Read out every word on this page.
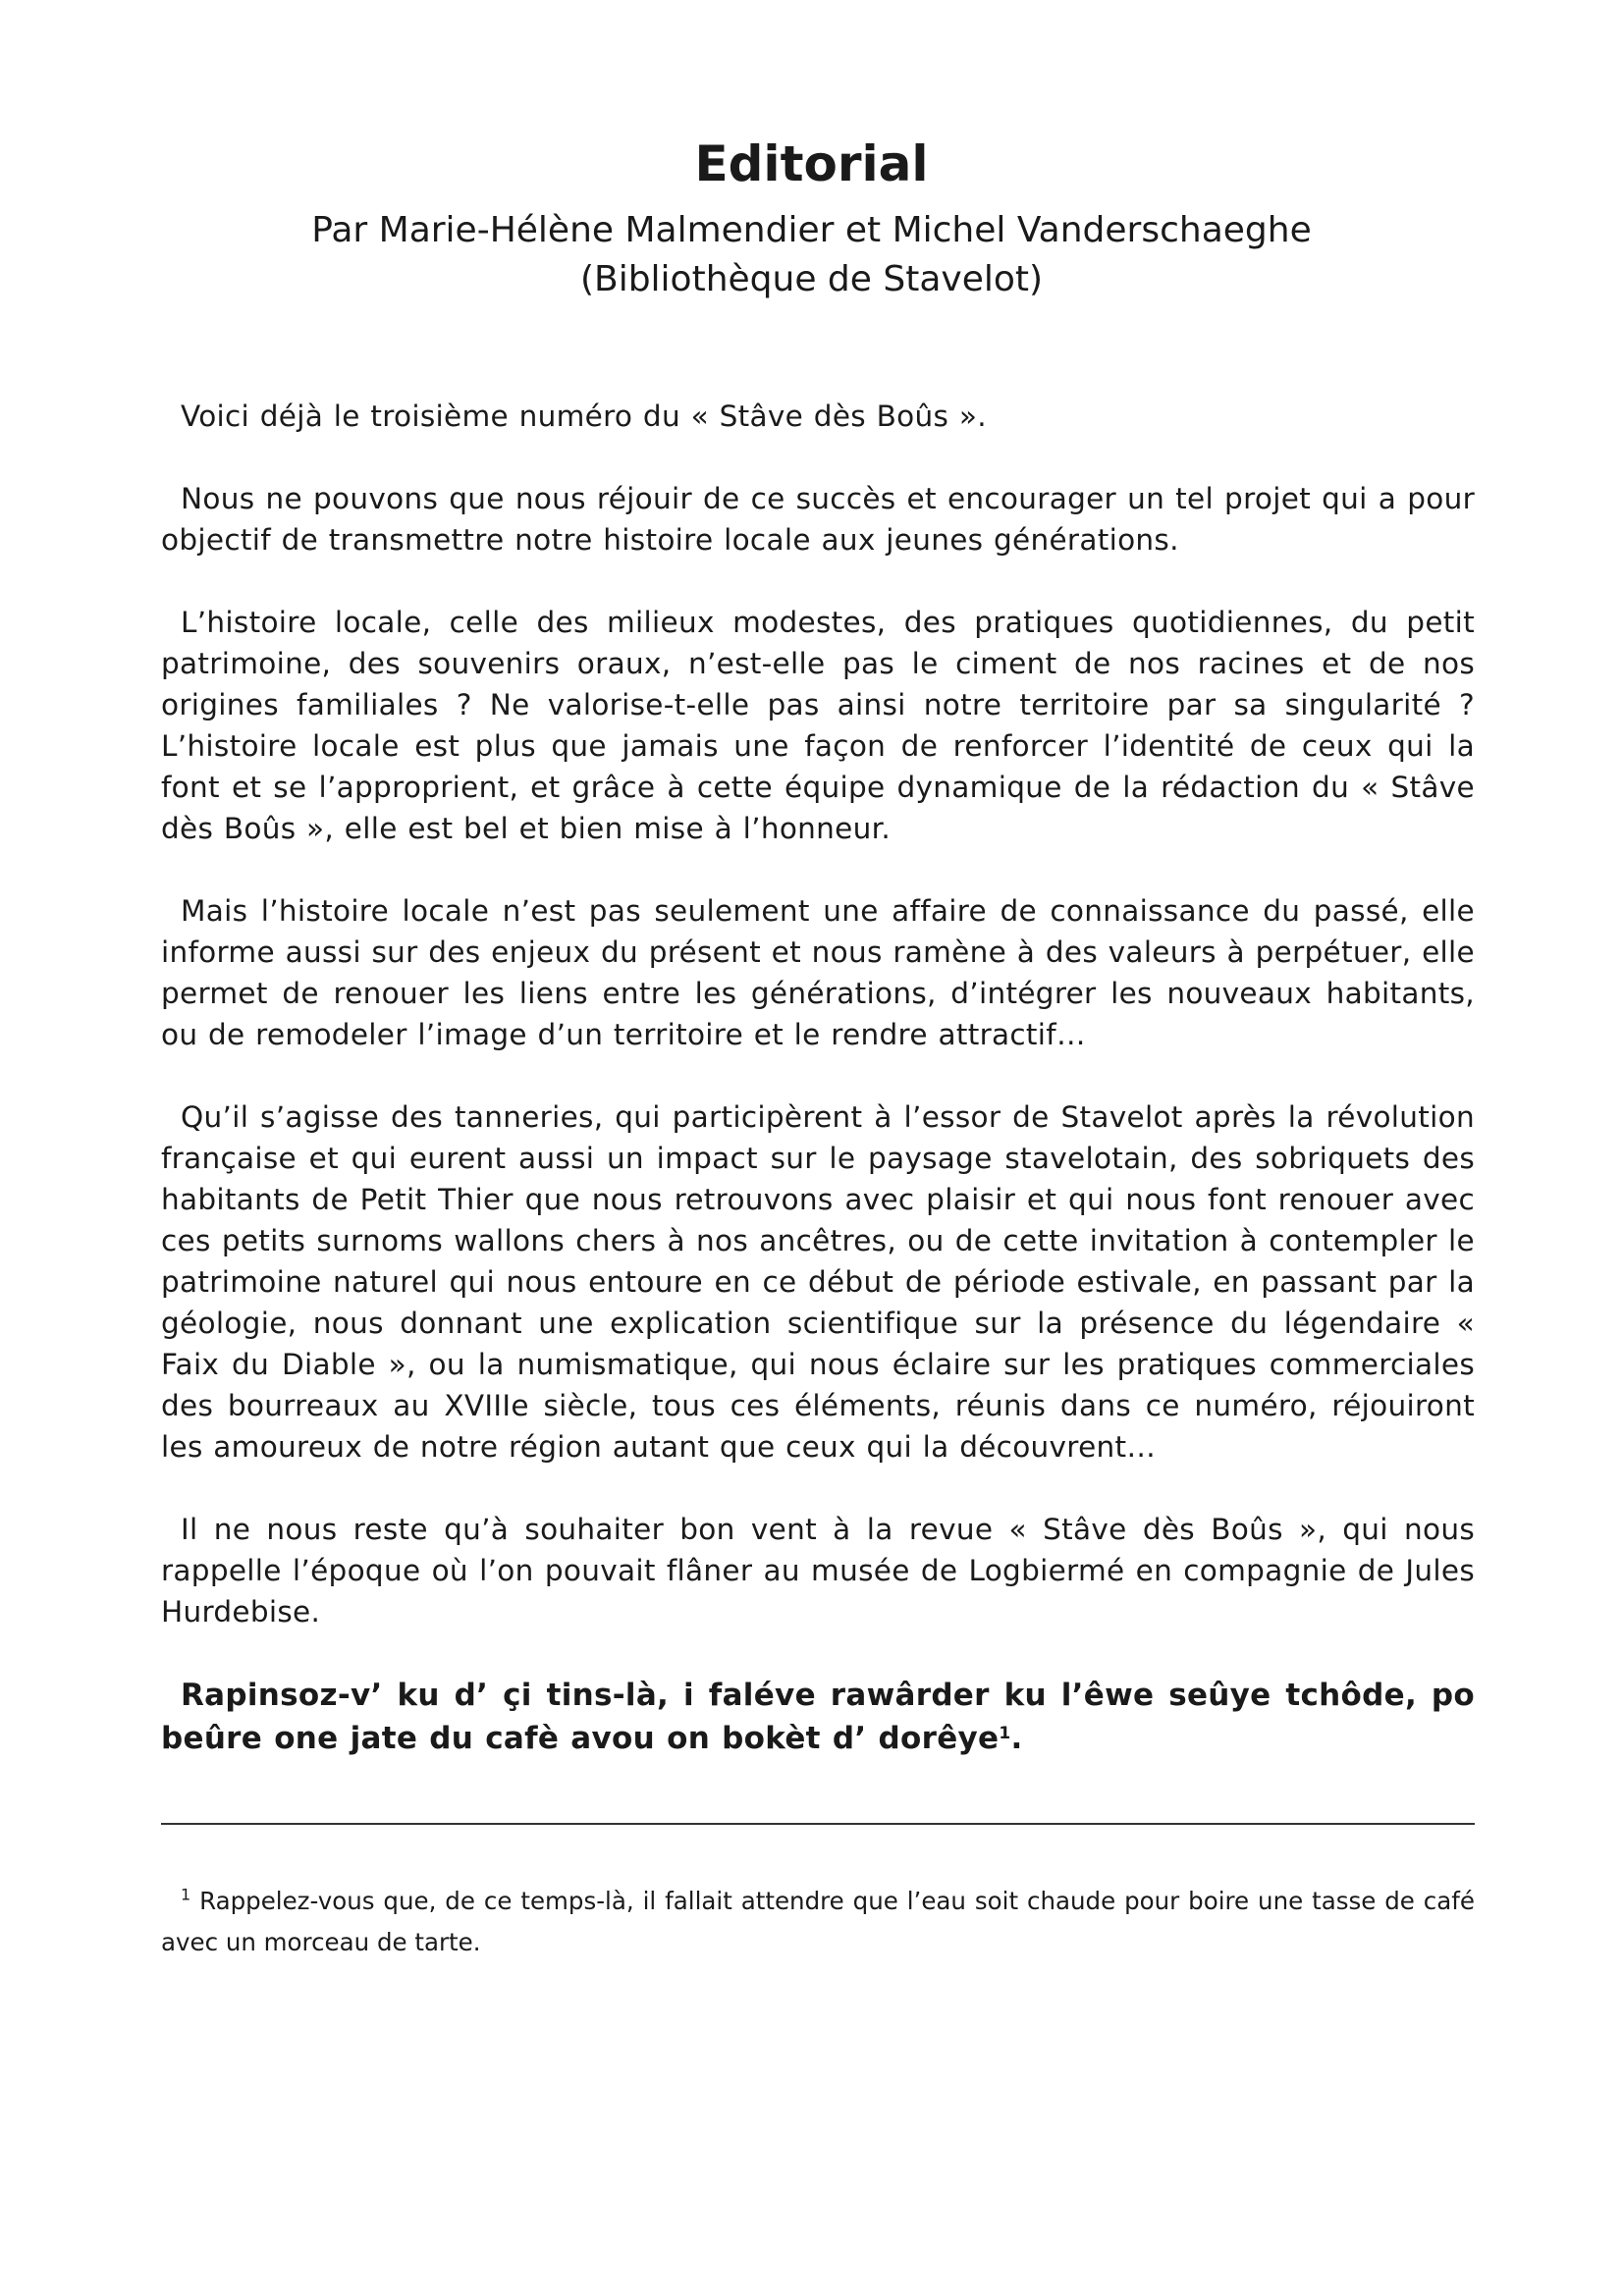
Editorial
Par Marie-Hélène Malmendier et Michel Vanderschaeghe
(Bibliothèque de Stavelot)

Voici déjà le troisième numéro du « Stâve dès Boûs ».

Nous ne pouvons que nous réjouir de ce succès et encourager un tel projet qui a pour objectif de transmettre notre histoire locale aux jeunes générations.

L’histoire locale, celle des milieux modestes, des pratiques quotidiennes, du petit patrimoine, des souvenirs oraux, n’est-elle pas le ciment de nos racines et de nos origines familiales ? Ne valorise-t-elle pas ainsi notre territoire par sa singularité ? L’histoire locale est plus que jamais une façon de renforcer l’identité de ceux qui la font et se l’approprient, et grâce à cette équipe dynamique de la rédaction du « Stâve dès Boûs », elle est bel et bien mise à l’honneur.

Mais l’histoire locale n’est pas seulement une affaire de connaissance du passé, elle informe aussi sur des enjeux du présent et nous ramène à des valeurs à perpétuer, elle permet de renouer les liens entre les générations, d’intégrer les nouveaux habitants, ou de remodeler l’image d’un territoire et le rendre attractif…

Qu’il s’agisse des tanneries, qui participèrent à l’essor de Stavelot après la révolution française et qui eurent aussi un impact sur le paysage stavelotain, des sobriquets des habitants de Petit Thier que nous retrouvons avec plaisir et qui nous font renouer avec ces petits surnoms wallons chers à nos ancêtres, ou de cette invitation à contempler le patrimoine naturel qui nous entoure en ce début de période estivale, en passant par la géologie, nous donnant une explication scientifique sur la présence du légendaire « Faix du Diable », ou la numismatique, qui nous éclaire sur les pratiques commerciales des bourreaux au XVIIIe siècle, tous ces éléments, réunis dans ce numéro, réjouiront les amoureux de notre région autant que ceux qui la découvrent…

Il ne nous reste qu’à souhaiter bon vent à la revue « Stâve dès Boûs », qui nous rappelle l’époque où l’on pouvait flâner au musée de Logbiermé en compagnie de Jules Hurdebise.

Rapinsoz-v’ ku d’ çi tins-là, i faléve rawârder ku l’êwe seûye tchôde, po beûre one jate du cafè avou on bokèt d’ dorêye$^1$.

$^1$ Rappelez-vous que, de ce temps-là, il fallait attendre que l’eau soit chaude pour boire une tasse de café avec un morceau de tarte.
